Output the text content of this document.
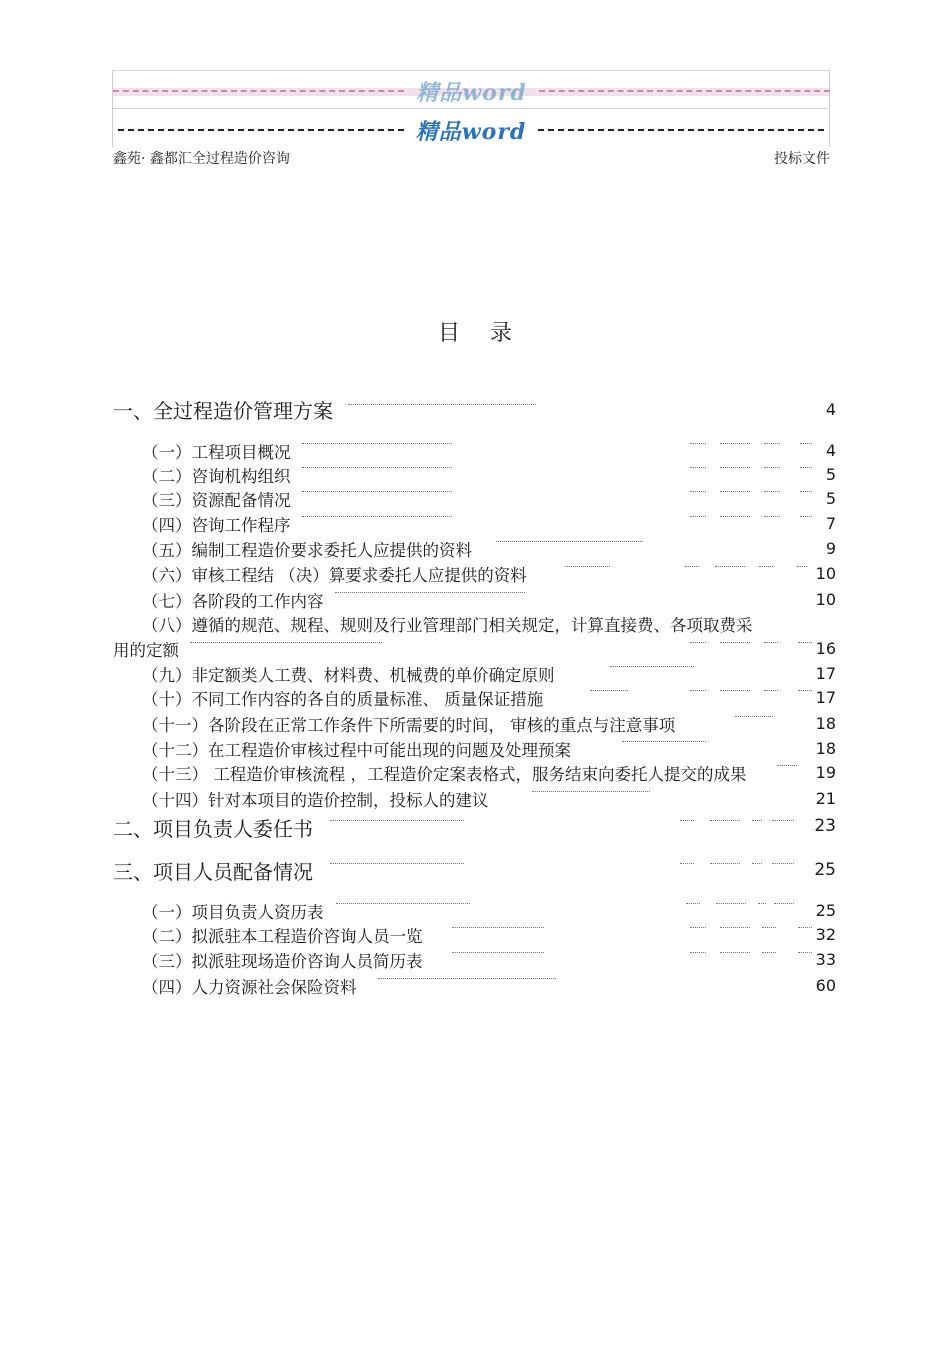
精品word
精品word
鑫苑· 鑫都汇全过程造价咨询	投标文件
目录
一、全过程造价管理方案	4
（一）工程项目概况	4
（二）咨询机构组织	5
（三）资源配备情况	5
（四）咨询工作程序	7
（五）编制工程造价要求委托人应提供的资料	9
（六）审核工程结 （决）算要求委托人应提供的资料	10
（七）各阶段的工作内容	10
（八）遵循的规范、规程、规则及行业管理部门相关规定，计算直接费、各项取费采
用的定额	16
（九）非定额类人工费、材料费、机械费的单价确定原则	17
（十）不同工作内容的各自的质量标准、 质量保证措施	17
（十一）各阶段在正常工作条件下所需要的时间， 审核的重点与注意事项	18
（十二）在工程造价审核过程中可能出现的问题及处理预案	18
（十三） 工程造价审核流程 ，工程造价定案表格式，服务结束向委托人提交的成果	19
（十四）针对本项目的造价控制，投标人的建议	21
二、项目负责人委任书	23
三、项目人员配备情况	25
（一）项目负责人资历表	25
（二）拟派驻本工程造价咨询人员一览	32
（三）拟派驻现场造价咨询人员简历表	33
（四）人力资源社会保险资料	60
